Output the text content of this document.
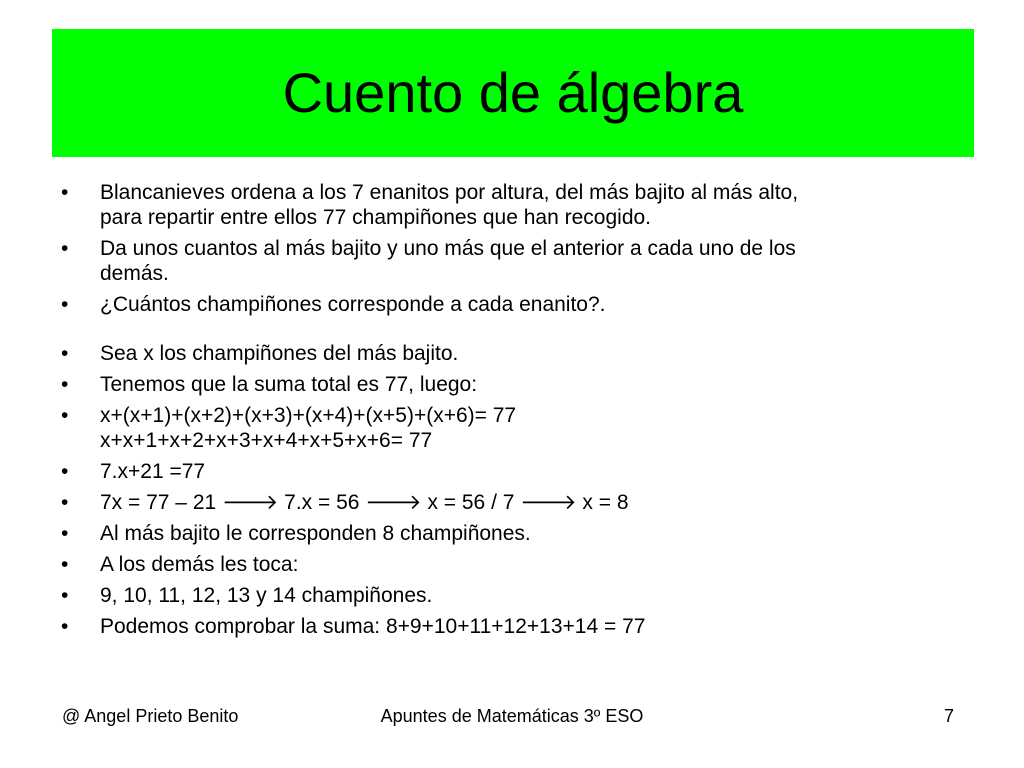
Cuento de álgebra
• Blancanieves ordena a los 7 enanitos por altura, del más bajito al más alto,
para repartir entre ellos 77 champiñones que han recogido.
• Da unos cuantos al más bajito y uno más que el anterior a cada uno de los
demás.
• ¿Cuántos champiñones corresponde a cada enanito?.
• Sea x los champiñones del más bajito.
• Tenemos que la suma total es 77, luego:
• x+(x+1)+(x+2)+(x+3)+(x+4)+(x+5)+(x+6)= 77
x+x+1+x+2+x+3+x+4+x+5+x+6= 77
• 7.x+21 =77
• 7x = 77 – 21 🡒 7.x = 56 🡒 x = 56 / 7 🡒 x = 8
• Al más bajito le corresponden 8 champiñones.
• A los demás les toca:
• 9, 10, 11, 12, 13 y 14 champiñones.
• Podemos comprobar la suma: 8+9+10+11+12+13+14 = 77
@ Angel Prieto Benito	Apuntes de Matemáticas 3º ESO	7
